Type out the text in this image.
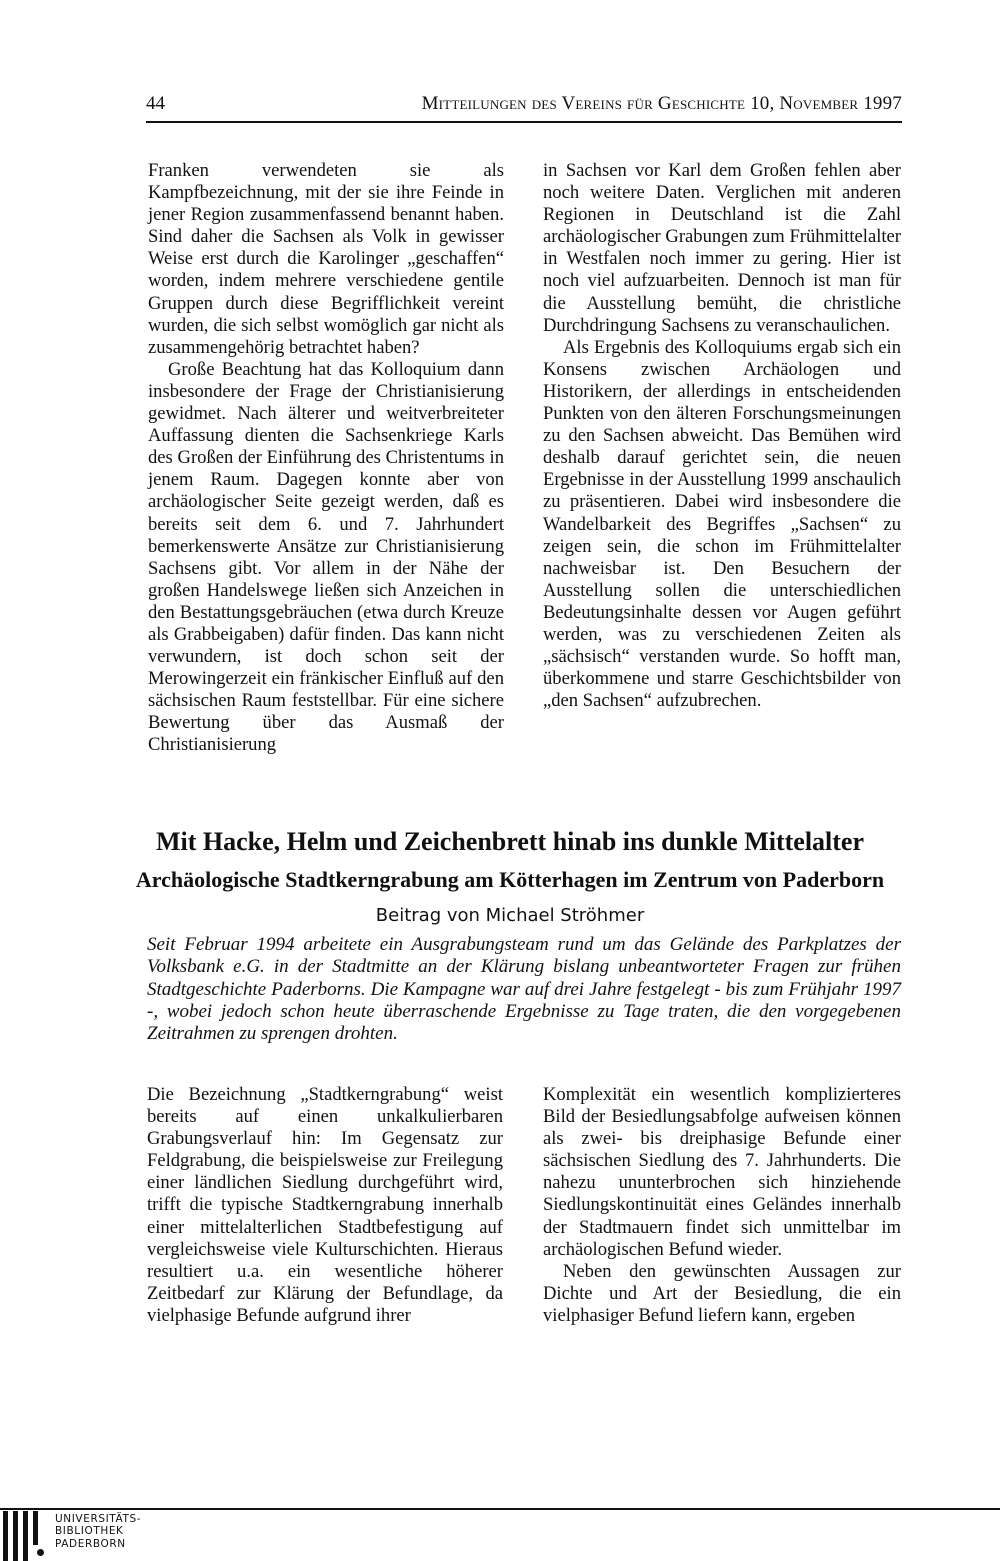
44	Mitteilungen des Vereins für Geschichte 10, November 1997

Franken verwendeten sie als Kampfbezeichnung, mit der sie ihre Feinde in jener Region zusammenfassend benannt haben. Sind daher die Sachsen als Volk in gewisser Weise erst durch die Karolinger „geschaffen“ worden, indem mehrere verschiedene gentile Gruppen durch diese Begrifflichkeit vereint wurden, die sich selbst womöglich gar nicht als zusammengehörig betrachtet haben?

Große Beachtung hat das Kolloquium dann insbesondere der Frage der Christianisierung gewidmet. Nach älterer und weitverbreiteter Auffassung dienten die Sachsenkriege Karls des Großen der Einführung des Christentums in jenem Raum. Dagegen konnte aber von archäologischer Seite gezeigt werden, daß es bereits seit dem 6. und 7. Jahrhundert bemerkenswerte Ansätze zur Christianisierung Sachsens gibt. Vor allem in der Nähe der großen Handelswege ließen sich Anzeichen in den Bestattungsgebräuchen (etwa durch Kreuze als Grabbeigaben) dafür finden. Das kann nicht verwundern, ist doch schon seit der Merowingerzeit ein fränkischer Einfluß auf den sächsischen Raum feststellbar. Für eine sichere Bewertung über das Ausmaß der Christianisierung

in Sachsen vor Karl dem Großen fehlen aber noch weitere Daten. Verglichen mit anderen Regionen in Deutschland ist die Zahl archäologischer Grabungen zum Frühmittelalter in Westfalen noch immer zu gering. Hier ist noch viel aufzuarbeiten. Dennoch ist man für die Ausstellung bemüht, die christliche Durchdringung Sachsens zu veranschaulichen.

Als Ergebnis des Kolloquiums ergab sich ein Konsens zwischen Archäologen und Historikern, der allerdings in entscheidenden Punkten von den älteren Forschungsmeinungen zu den Sachsen abweicht. Das Bemühen wird deshalb darauf gerichtet sein, die neuen Ergebnisse in der Ausstellung 1999 anschaulich zu präsentieren. Dabei wird insbesondere die Wandelbarkeit des Begriffes „Sachsen“ zu zeigen sein, die schon im Frühmittelalter nachweisbar ist. Den Besuchern der Ausstellung sollen die unterschiedlichen Bedeutungsinhalte dessen vor Augen geführt werden, was zu verschiedenen Zeiten als „sächsisch“ verstanden wurde. So hofft man, überkommene und starre Geschichtsbilder von „den Sachsen“ aufzubrechen.

Mit Hacke, Helm und Zeichenbrett hinab ins dunkle Mittelalter
Archäologische Stadtkerngrabung am Kötterhagen im Zentrum von Paderborn
Beitrag von Michael Ströhmer
Seit Februar 1994 arbeitete ein Ausgrabungsteam rund um das Gelände des Parkplatzes der Volksbank e.G. in der Stadtmitte an der Klärung bislang unbeantworteter Fragen zur frühen Stadtgeschichte Paderborns. Die Kampagne war auf drei Jahre festgelegt - bis zum Frühjahr 1997 -, wobei jedoch schon heute überraschende Ergebnisse zu Tage traten, die den vorgegebenen Zeitrahmen zu sprengen drohten.

Die Bezeichnung „Stadtkerngrabung“ weist bereits auf einen unkalkulierbaren Grabungsverlauf hin: Im Gegensatz zur Feldgrabung, die beispielsweise zur Freilegung einer ländlichen Siedlung durchgeführt wird, trifft die typische Stadtkerngrabung innerhalb einer mittelalterlichen Stadtbefestigung auf vergleichsweise viele Kulturschichten. Hieraus resultiert u.a. ein wesentliche höherer Zeitbedarf zur Klärung der Befundlage, da vielphasige Befunde aufgrund ihrer

Komplexität ein wesentlich komplizierteres Bild der Besiedlungsabfolge aufweisen können als zwei- bis dreiphasige Befunde einer sächsischen Siedlung des 7. Jahrhunderts. Die nahezu ununterbrochen sich hinziehende Siedlungskontinuität eines Geländes innerhalb der Stadtmauern findet sich unmittelbar im archäologischen Befund wieder.

Neben den gewünschten Aussagen zur Dichte und Art der Besiedlung, die ein vielphasiger Befund liefern kann, ergeben

UNIVERSITÄTS-
BIBLIOTHEK
PADERBORN
